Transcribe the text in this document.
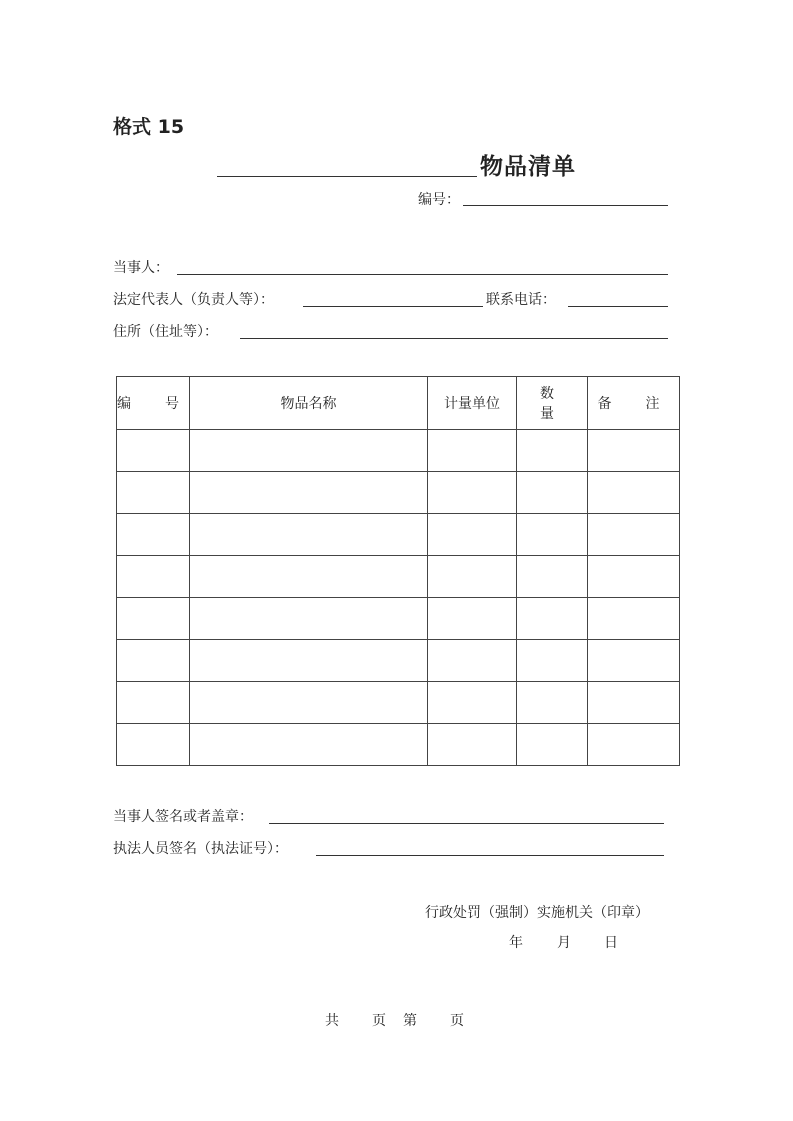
格式 15
物品清单
编号：
当事人：
法定代表人（负责人等）：	联系电话：
住所（住址等）：
编　号	物品名称	计量单位	数　量	备　注

当事人签名或者盖章：
执法人员签名（执法证号）：
行政处罚（强制）实施机关（印章）
年 月 日
共 页 第 页
